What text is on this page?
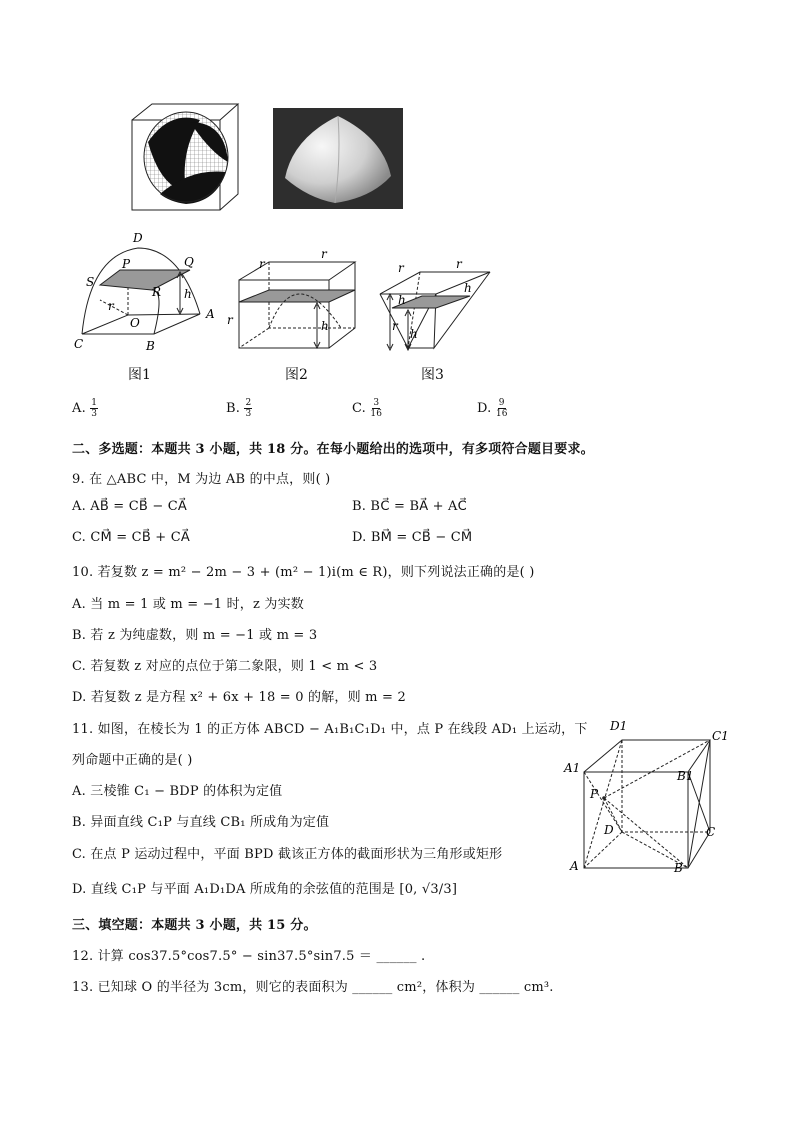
D
P	Q
S
R h
r
O
A
C	B
图1
r
r
r	h
图2
r	r
h
h
r
h
图3
A. $\frac{1}{3}$	B. $\frac{2}{3}$	C. $\frac{3}{16}$	D. $\frac{9}{16}$
二、多选题：本题共 3 小题，共 18 分。在每小题给出的选项中，有多项符合题目要求。
9. 在 △ABC 中，M 为边 AB 的中点，则( )
A. AB⃗ = CB⃗ − CA⃗	B. BC⃗ = BA⃗ + AC⃗
C. CM⃗ = CB⃗ + CA⃗	D. BM⃗ = CB⃗ − CM⃗
10. 若复数 z = m² − 2m − 3 + (m² − 1)i(m ∈ R)，则下列说法正确的是( )
A. 当 m = 1 或 m = −1 时，z 为实数
B. 若 z 为纯虚数，则 m = −1 或 m = 3
C. 若复数 z 对应的点位于第二象限，则 1 < m < 3
D. 若复数 z 是方程 x² + 6x + 18 = 0 的解，则 m = 2
11. 如图，在棱长为 1 的正方体 ABCD − A₁B₁C₁D₁ 中，点 P 在线段 AD₁ 上运动，下
列命题中正确的是( )
A. 三棱锥 C₁ − BDP 的体积为定值
B. 异面直线 C₁P 与直线 CB₁ 所成角为定值
C. 在点 P 运动过程中，平面 BPD 截该正方体的截面形状为三角形或矩形
D. 直线 C₁P 与平面 A₁D₁DA 所成角的余弦值的范围是 [0, √3/3]
D1
C1
A1
B1
P
D	C
A	B
三、填空题：本题共 3 小题，共 15 分。
12. 计算 cos37.5°cos7.5° − sin37.5°sin7.5 ＝ ______ .
13. 已知球 O 的半径为 3cm，则它的表面积为 ______ cm²，体积为 ______ cm³.
